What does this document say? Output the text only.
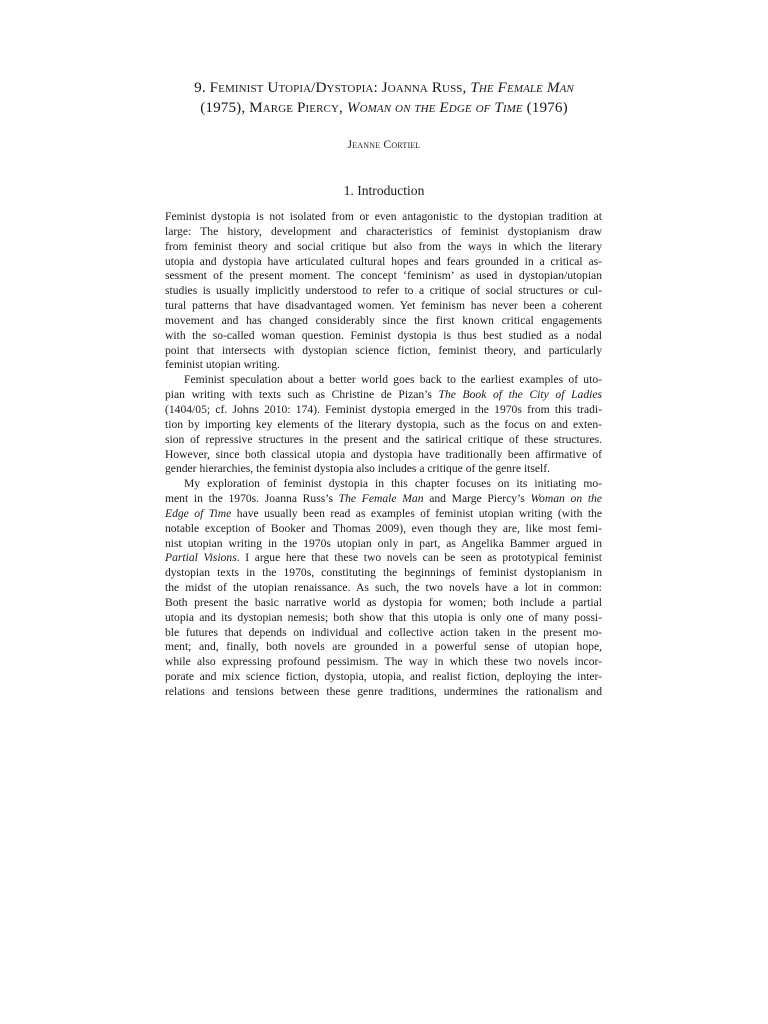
9. Feminist Utopia/Dystopia: Joanna Russ, The Female Man
(1975), Marge Piercy, Woman on the Edge of Time (1976)
Jeanne Cortiel
1. Introduction
Feminist dystopia is not isolated from or even antagonistic to the dystopian tradition at
large: The history, development and characteristics of feminist dystopianism draw
from feminist theory and social critique but also from the ways in which the literary
utopia and dystopia have articulated cultural hopes and fears grounded in a critical as-
sessment of the present moment. The concept ‘feminism’ as used in dystopian/utopian
studies is usually implicitly understood to refer to a critique of social structures or cul-
tural patterns that have disadvantaged women. Yet feminism has never been a coherent
movement and has changed considerably since the first known critical engagements
with the so-called woman question. Feminist dystopia is thus best studied as a nodal
point that intersects with dystopian science fiction, feminist theory, and particularly
feminist utopian writing.
Feminist speculation about a better world goes back to the earliest examples of uto-
pian writing with texts such as Christine de Pizan’s The Book of the City of Ladies
(1404/05; cf. Johns 2010: 174). Feminist dystopia emerged in the 1970s from this tradi-
tion by importing key elements of the literary dystopia, such as the focus on and exten-
sion of repressive structures in the present and the satirical critique of these structures.
However, since both classical utopia and dystopia have traditionally been affirmative of
gender hierarchies, the feminist dystopia also includes a critique of the genre itself.
My exploration of feminist dystopia in this chapter focuses on its initiating mo-
ment in the 1970s. Joanna Russ’s The Female Man and Marge Piercy’s Woman on the
Edge of Time have usually been read as examples of feminist utopian writing (with the
notable exception of Booker and Thomas 2009), even though they are, like most femi-
nist utopian writing in the 1970s utopian only in part, as Angelika Bammer argued in
Partial Visions. I argue here that these two novels can be seen as prototypical feminist
dystopian texts in the 1970s, constituting the beginnings of feminist dystopianism in
the midst of the utopian renaissance. As such, the two novels have a lot in common:
Both present the basic narrative world as dystopia for women; both include a partial
utopia and its dystopian nemesis; both show that this utopia is only one of many possi-
ble futures that depends on individual and collective action taken in the present mo-
ment; and, finally, both novels are grounded in a powerful sense of utopian hope,
while also expressing profound pessimism. The way in which these two novels incor-
porate and mix science fiction, dystopia, utopia, and realist fiction, deploying the inter-
relations and tensions between these genre traditions, undermines the rationalism and
